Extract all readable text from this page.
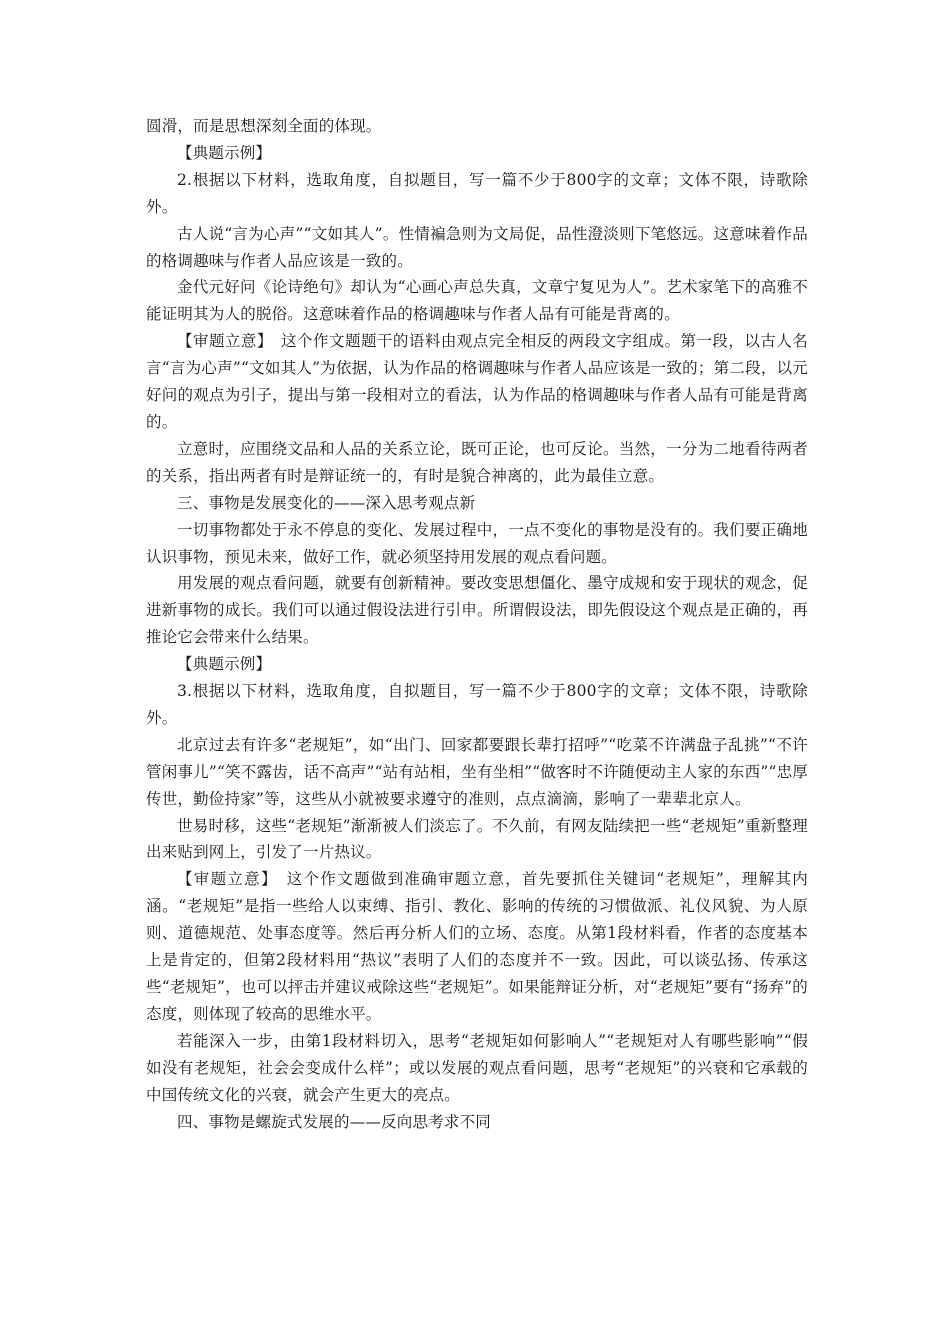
圆滑，而是思想深刻全面的体现。

【典题示例】

2.根据以下材料，选取角度，自拟题目，写一篇不少于800字的文章；文体不限，诗歌除外。

古人说“言为心声”“文如其人”。性情褊急则为文局促，品性澄淡则下笔悠远。这意味着作品的格调趣味与作者人品应该是一致的。

金代元好问《论诗绝句》却认为“心画心声总失真，文章宁复见为人”。艺术家笔下的高雅不能证明其为人的脱俗。这意味着作品的格调趣味与作者人品有可能是背离的。

【审题立意】　这个作文题题干的语料由观点完全相反的两段文字组成。第一段，以古人名言“言为心声”“文如其人”为依据，认为作品的格调趣味与作者人品应该是一致的；第二段，以元好问的观点为引子，提出与第一段相对立的看法，认为作品的格调趣味与作者人品有可能是背离的。

立意时，应围绕文品和人品的关系立论，既可正论，也可反论。当然，一分为二地看待两者的关系，指出两者有时是辩证统一的，有时是貌合神离的，此为最佳立意。

三、事物是发展变化的——深入思考观点新

一切事物都处于永不停息的变化、发展过程中，一点不变化的事物是没有的。我们要正确地认识事物，预见未来，做好工作，就必须坚持用发展的观点看问题。

用发展的观点看问题，就要有创新精神。要改变思想僵化、墨守成规和安于现状的观念，促进新事物的成长。我们可以通过假设法进行引申。所谓假设法，即先假设这个观点是正确的，再推论它会带来什么结果。

【典题示例】

3.根据以下材料，选取角度，自拟题目，写一篇不少于800字的文章；文体不限，诗歌除外。

北京过去有许多“老规矩”，如“出门、回家都要跟长辈打招呼”“吃菜不许满盘子乱挑”“不许管闲事儿”“笑不露齿，话不高声”“站有站相，坐有坐相”“做客时不许随便动主人家的东西”“忠厚传世，勤俭持家”等，这些从小就被要求遵守的准则，点点滴滴，影响了一辈辈北京人。

世易时移，这些“老规矩”渐渐被人们淡忘了。不久前，有网友陆续把一些“老规矩”重新整理出来贴到网上，引发了一片热议。

【审题立意】　这个作文题做到准确审题立意，首先要抓住关键词“老规矩”，理解其内涵。“老规矩”是指一些给人以束缚、指引、教化、影响的传统的习惯做派、礼仪风貌、为人原则、道德规范、处事态度等。然后再分析人们的立场、态度。从第1段材料看，作者的态度基本上是肯定的，但第2段材料用“热议”表明了人们的态度并不一致。因此，可以谈弘扬、传承这些“老规矩”，也可以抨击并建议戒除这些“老规矩”。如果能辩证分析，对“老规矩”要有“扬弃”的态度，则体现了较高的思维水平。

若能深入一步，由第1段材料切入，思考“老规矩如何影响人”“老规矩对人有哪些影响”“假如没有老规矩，社会会变成什么样”；或以发展的观点看问题，思考“老规矩”的兴衰和它承载的中国传统文化的兴衰，就会产生更大的亮点。

四、事物是螺旋式发展的——反向思考求不同
